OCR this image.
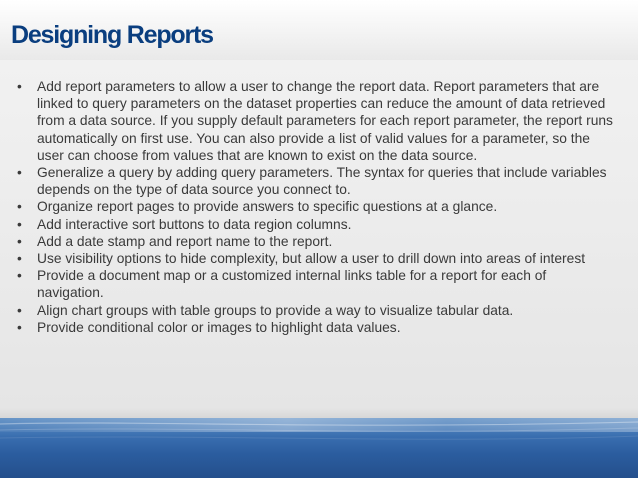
Designing Reports
• Add report parameters to allow a user to change the report data. Report parameters that are linked to query parameters on the dataset properties can reduce the amount of data retrieved from a data source. If you supply default parameters for each report parameter, the report runs automatically on first use. You can also provide a list of valid values for a parameter, so the user can choose from values that are known to exist on the data source.
• Generalize a query by adding query parameters. The syntax for queries that include variables depends on the type of data source you connect to.
• Organize report pages to provide answers to specific questions at a glance.
• Add interactive sort buttons to data region columns.
• Add a date stamp and report name to the report.
• Use visibility options to hide complexity, but allow a user to drill down into areas of interest
• Provide a document map or a customized internal links table for a report for each of navigation.
• Align chart groups with table groups to provide a way to visualize tabular data.
• Provide conditional color or images to highlight data values.
